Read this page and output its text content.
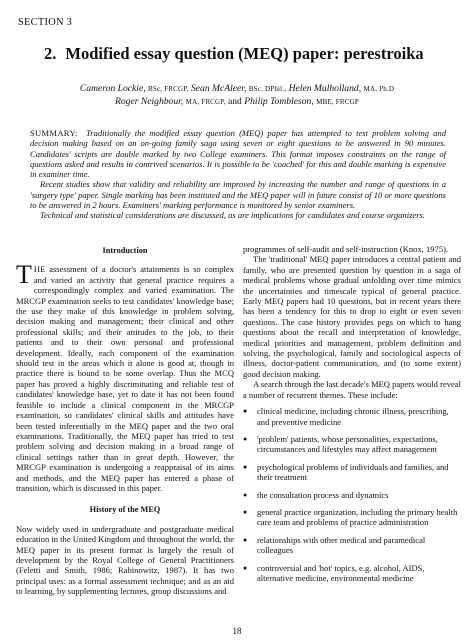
SECTION 3
2. Modified essay question (MEQ) paper: perestroika
Cameron Lockie, BSc, FRCGP, Sean McAleer, BSc, DPhil., Helen Mulholland, MA, Ph.D
Roger Neighbour, MA, FRCGP, and Philip Tombleson, MBE, FRCGP

SUMMARY: Traditionally the modified essay question (MEQ) paper has attempted to test problem solving and decision making based on an on-going family saga using seven or eight questions to be answered in 90 minutes. Candidates' scripts are double marked by two College examiners. This format imposes constraints on the range of questions asked and results in contrived scenarios. It is possible to be 'coached' for this and double marking is expensive in examiner time.

Recent studies show that validity and reliability are improved by increasing the number and range of questions in a 'surgery type' paper. Single marking has been instituted and the MEQ paper will in future consist of 10 or more questions to be answered in 2 hours. Examiners' marking performance is monitored by senior examiners.

Technical and statistical considerations are discussed, as are implications for candidates and course organizers.

Introduction

THE assessment of a doctor's attainments is so complex and varied an activity that general practice requires a correspondingly complex and varied examination. The MRCGP examination seeks to test candidates' knowledge base; the use they make of this knowledge in problem solving, decision making and management; their clinical and other professional skills; and their attitudes to the job, to their patients and to their own personal and professional development. Ideally, each component of the examination should test in the areas which it alone is good at, though in practice there is bound to be some overlap. Thus the MCQ paper has proved a highly discriminating and reliable test of candidates' knowledge base, yet to date it has not been found feasible to include a clinical component in the MRCGP examination, so candidates' clinical skills and attitudes have been tested inferentially in the MEQ paper and the two oral examinations. Traditionally, the MEQ paper has tried to test problem solving and decision making in a broad range of clinical settings rather than in great depth. However, the MRCGP examination is undergoing a reappraisal of its aims and methods, and the MEQ paper has entered a phase of transition, which is discussed in this paper.

History of the MEQ

Now widely used in undergraduate and postgraduate medical education in the United Kingdom and throughout the world, the MEQ paper in its present format is largely the result of development by the Royal College of General Practitioners (Feletti and Smith, 1986; Rabinowitz, 1987). It has two principal uses: as a formal assessment technique; and as an aid to learning, by supplementing lectures, group discussions and

programmes of self-audit and self-instruction (Knox, 1975).

The 'traditional' MEQ paper introduces a central patient and family, who are presented question by question in a saga of medical problems whose gradual unfolding over time mimics the uncertainties and timescale typical of general practice. Early MEQ papers had 10 questions, but in recent years there has been a tendency for this to drop to eight or even seven questions. The case history provides pegs on which to hang questions about the recall and interpretation of knowledge, medical priorities and management, problem definition and solving, the psychological, family and sociological aspects of illness, doctor-patient communication, and (to some extent) good decision making.

A search through the last decade's MEQ papers would reveal a number of recurrent themes. These include:

● clinical medicine, including chronic illness, prescribing, and preventive medicine
● 'problem' patients, whose personalities, expectations, circumstances and lifestyles may affect management
● psychological problems of individuals and families, and their treatment
● the consultation process and dynamics
● general practice organization, including the primary health care team and problems of practice administration
● relationships with other medical and paramedical colleagues
● controversial and 'hot' topics, e.g. alcohol, AIDS, alternative medicine, environmental medicine
18
